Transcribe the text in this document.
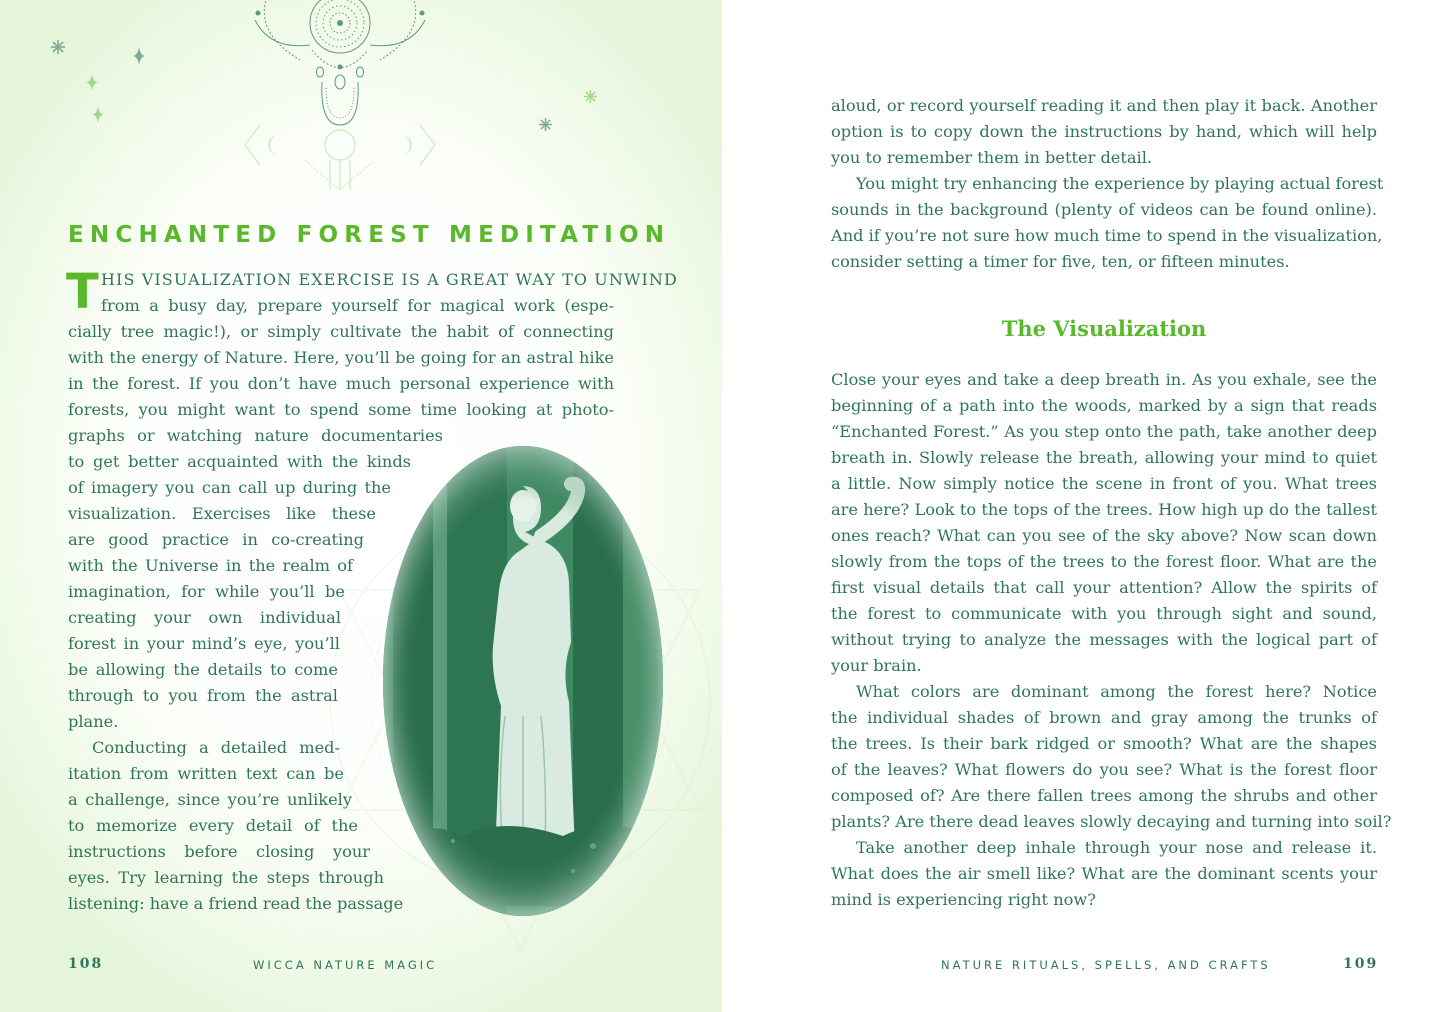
ENCHANTED FOREST MEDITATION
T HIS VISUALIZATION EXERCISE IS A GREAT WAY TO UNWIND
from a busy day, prepare yourself for magical work (espe-
cially tree magic!), or simply cultivate the habit of connecting
with the energy of Nature. Here, you’ll be going for an astral hike
in the forest. If you don’t have much personal experience with
forests, you might want to spend some time looking at photo-
graphs or watching nature documentaries
to get better acquainted with the kinds
of imagery you can call up during the
visualization. Exercises like these
are good practice in co-creating
with the Universe in the realm of
imagination, for while you’ll be
creating your own individual
forest in your mind’s eye, you’ll
be allowing the details to come
through to you from the astral
plane.
Conducting a detailed med-
itation from written text can be
a challenge, since you’re unlikely
to memorize every detail of the
instructions before closing your
eyes. Try learning the steps through
listening: have a friend read the passage
108	WICCA NATURE MAGIC
aloud, or record yourself reading it and then play it back. Another
option is to copy down the instructions by hand, which will help
you to remember them in better detail.
You might try enhancing the experience by playing actual forest
sounds in the background (plenty of videos can be found online).
And if you’re not sure how much time to spend in the visualization,
consider setting a timer for five, ten, or fifteen minutes.
The Visualization
Close your eyes and take a deep breath in. As you exhale, see the
beginning of a path into the woods, marked by a sign that reads
“Enchanted Forest.” As you step onto the path, take another deep
breath in. Slowly release the breath, allowing your mind to quiet
a little. Now simply notice the scene in front of you. What trees
are here? Look to the tops of the trees. How high up do the tallest
ones reach? What can you see of the sky above? Now scan down
slowly from the tops of the trees to the forest floor. What are the
first visual details that call your attention? Allow the spirits of
the forest to communicate with you through sight and sound,
without trying to analyze the messages with the logical part of
your brain.
What colors are dominant among the forest here? Notice
the individual shades of brown and gray among the trunks of
the trees. Is their bark ridged or smooth? What are the shapes
of the leaves? What flowers do you see? What is the forest floor
composed of? Are there fallen trees among the shrubs and other
plants? Are there dead leaves slowly decaying and turning into soil?
Take another deep inhale through your nose and release it.
What does the air smell like? What are the dominant scents your
mind is experiencing right now?
NATURE RITUALS, SPELLS, AND CRAFTS	109
